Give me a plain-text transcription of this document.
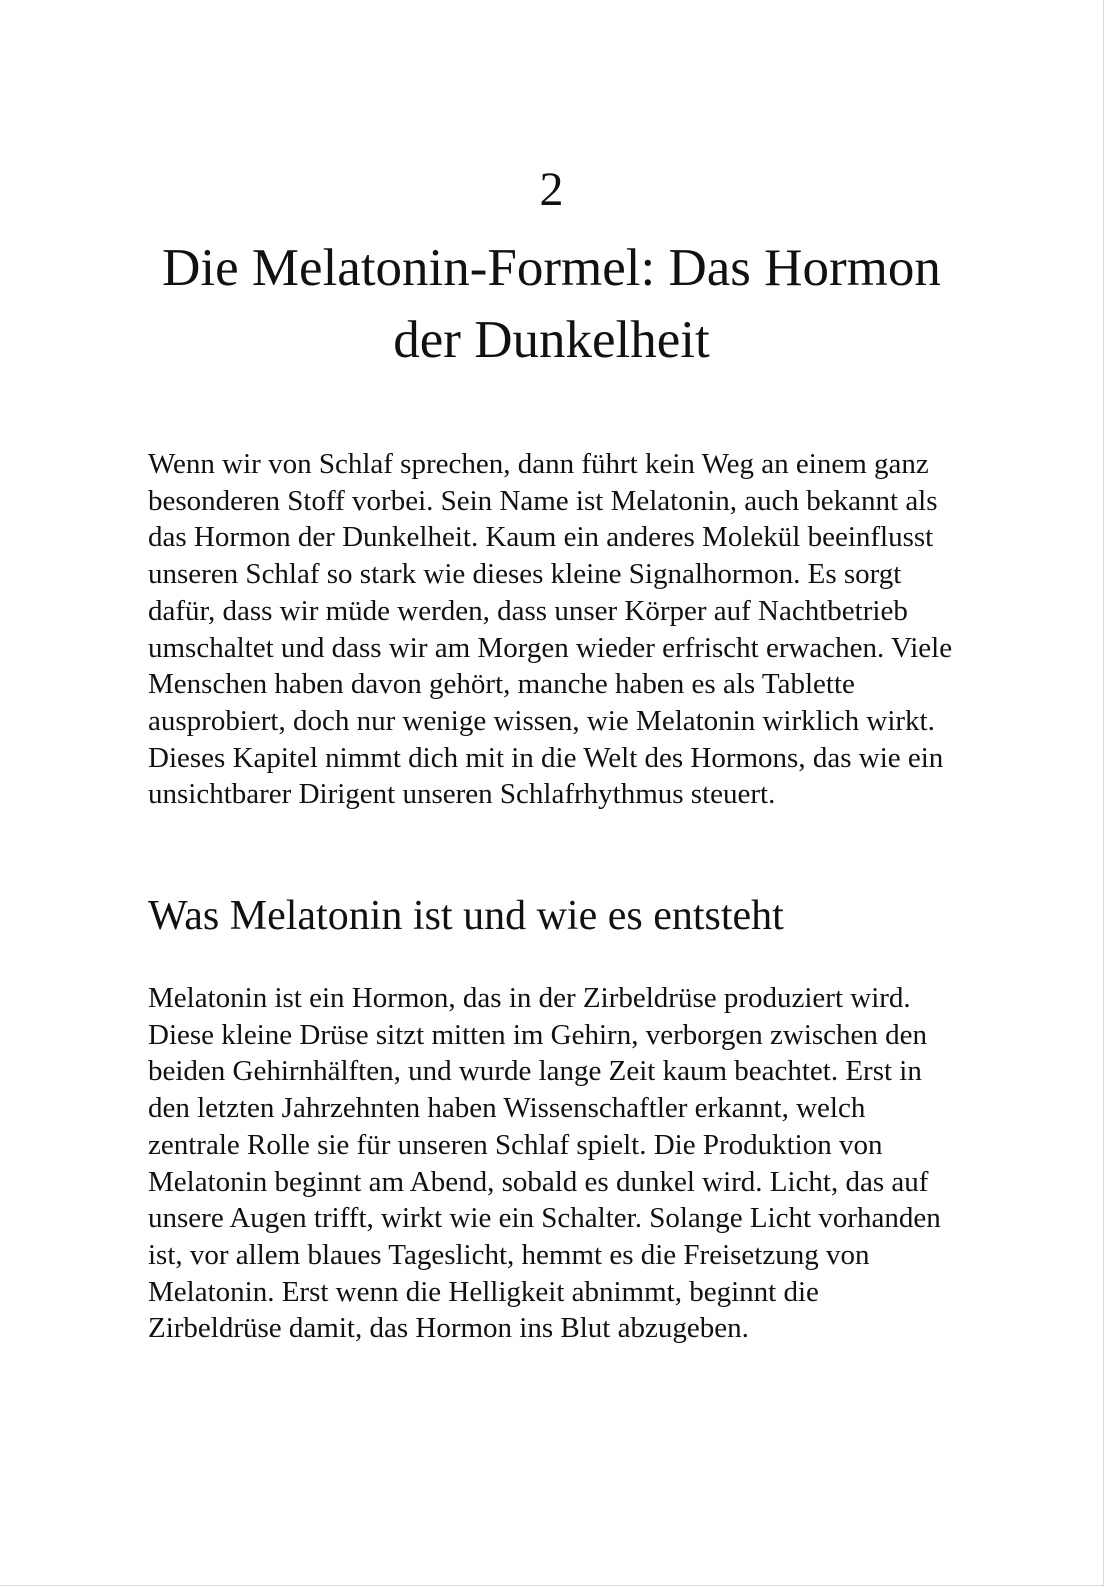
2
Die Melatonin-Formel: Das Hormon der Dunkelheit

Wenn wir von Schlaf sprechen, dann führt kein Weg an einem ganz besonderen Stoff vorbei. Sein Name ist Melatonin, auch bekannt als das Hormon der Dunkelheit. Kaum ein anderes Molekül beeinflusst unseren Schlaf so stark wie dieses kleine Signalhormon. Es sorgt dafür, dass wir müde werden, dass unser Körper auf Nachtbetrieb umschaltet und dass wir am Morgen wieder erfrischt erwachen. Viele Menschen haben davon gehört, manche haben es als Tablette ausprobiert, doch nur wenige wissen, wie Melatonin wirklich wirkt. Dieses Kapitel nimmt dich mit in die Welt des Hormons, das wie ein unsichtbarer Dirigent unseren Schlafrhythmus steuert.

Was Melatonin ist und wie es entsteht

Melatonin ist ein Hormon, das in der Zirbeldrüse produziert wird. Diese kleine Drüse sitzt mitten im Gehirn, verborgen zwischen den beiden Gehirnhälften, und wurde lange Zeit kaum beachtet. Erst in den letzten Jahrzehnten haben Wissenschaftler erkannt, welch zentrale Rolle sie für unseren Schlaf spielt. Die Produktion von Melatonin beginnt am Abend, sobald es dunkel wird. Licht, das auf unsere Augen trifft, wirkt wie ein Schalter. Solange Licht vorhanden ist, vor allem blaues Tageslicht, hemmt es die Freisetzung von Melatonin. Erst wenn die Helligkeit abnimmt, beginnt die Zirbeldrüse damit, das Hormon ins Blut abzugeben.
